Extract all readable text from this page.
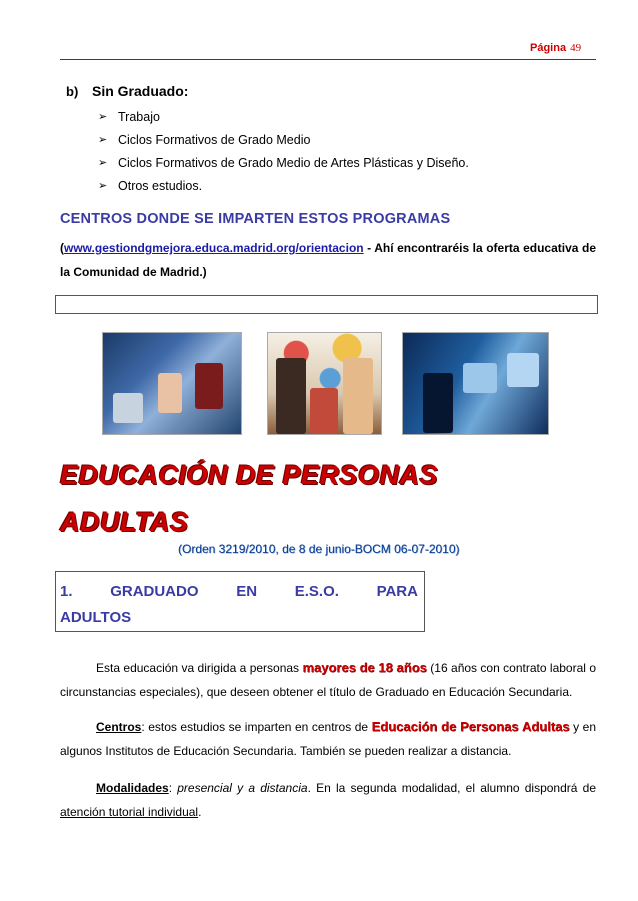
Página 49
b) Sin Graduado:
➢ Trabajo
➢ Ciclos Formativos de Grado Medio
➢ Ciclos Formativos de Grado Medio de Artes Plásticas y Diseño.
➢ Otros estudios.
CENTROS DONDE SE IMPARTEN ESTOS PROGRAMAS
(www.gestiondgmejora.educa.madrid.org/orientacion - Ahí encontraréis la oferta educativa de la Comunidad de Madrid.)
EDUCACIÓN DE PERSONAS
ADULTAS
(Orden 3219/2010, de 8 de junio-BOCM 06-07-2010)
1.	GRADUADO	EN	E.S.O.	PARA
ADULTOS
Esta educación va dirigida a personas mayores de 18 años (16 años con contrato laboral o circunstancias especiales), que deseen obtener el título de Graduado en Educación Secundaria.
Centros: estos estudios se imparten en centros de Educación de Personas Adultas y en algunos Institutos de Educación Secundaria. También se pueden realizar a distancia.
Modalidades: presencial y a distancia. En la segunda modalidad, el alumno dispondrá de atención tutorial individual.
